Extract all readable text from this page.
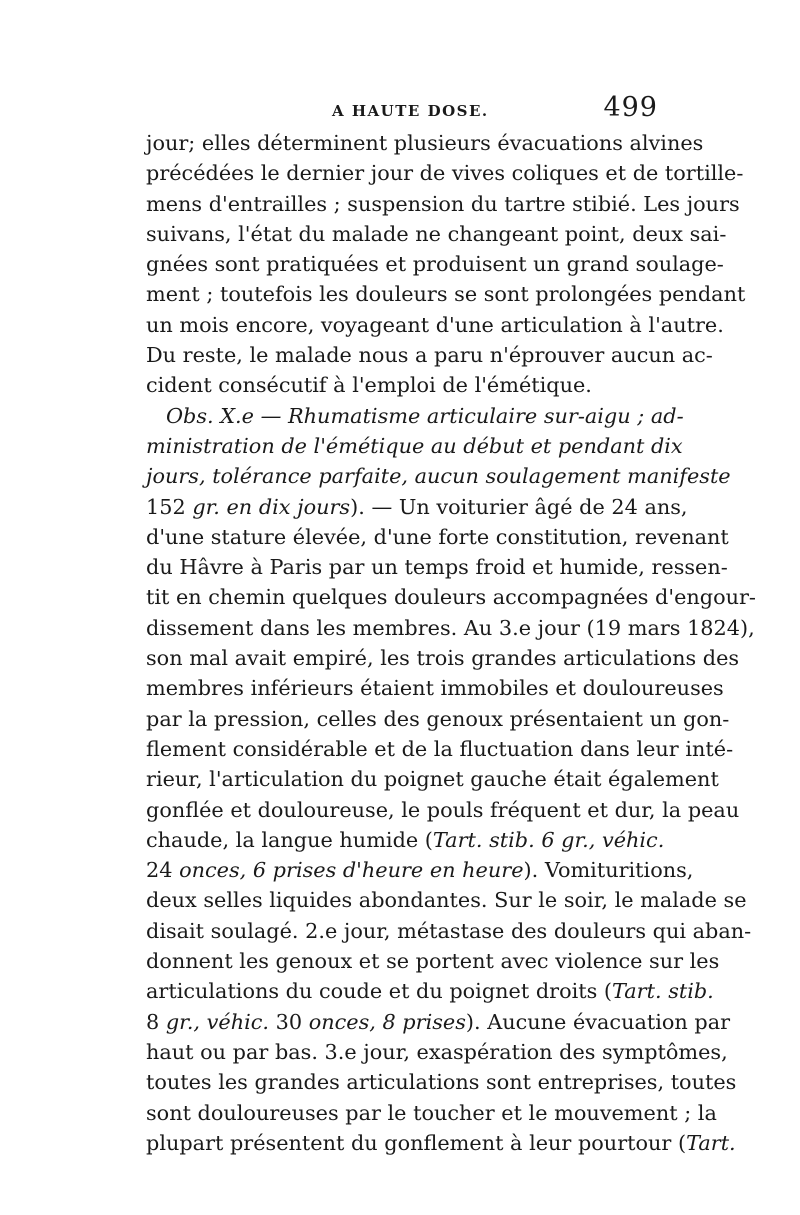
A HAUTE DOSE.	499
jour; elles déterminent plusieurs évacuations alvines
précédées le dernier jour de vives coliques et de tortille-
mens d'entrailles ; suspension du tartre stibié. Les jours
suivans, l'état du malade ne changeant point, deux sai-
gnées sont pratiquées et produisent un grand soulage-
ment ; toutefois les douleurs se sont prolongées pendant
un mois encore, voyageant d'une articulation à l'autre.
Du reste, le malade nous a paru n'éprouver aucun ac-
cident consécutif à l'emploi de l'émétique.
Obs. X.e — Rhumatisme articulaire sur-aigu ; ad-
ministration de l'émétique au début et pendant dix
jours, tolérance parfaite, aucun soulagement manifeste
152 gr. en dix jours). — Un voiturier âgé de 24 ans,
d'une stature élevée, d'une forte constitution, revenant
du Hâvre à Paris par un temps froid et humide, ressen-
tit en chemin quelques douleurs accompagnées d'engour-
dissement dans les membres. Au 3.e jour (19 mars 1824),
son mal avait empiré, les trois grandes articulations des
membres inférieurs étaient immobiles et douloureuses
par la pression, celles des genoux présentaient un gon-
flement considérable et de la fluctuation dans leur inté-
rieur, l'articulation du poignet gauche était également
gonflée et douloureuse, le pouls fréquent et dur, la peau
chaude, la langue humide (Tart. stib. 6 gr., véhic.
24 onces, 6 prises d'heure en heure). Vomituritions,
deux selles liquides abondantes. Sur le soir, le malade se
disait soulagé. 2.e jour, métastase des douleurs qui aban-
donnent les genoux et se portent avec violence sur les
articulations du coude et du poignet droits (Tart. stib.
8 gr., véhic. 30 onces, 8 prises). Aucune évacuation par
haut ou par bas. 3.e jour, exaspération des symptômes,
toutes les grandes articulations sont entreprises, toutes
sont douloureuses par le toucher et le mouvement ; la
plupart présentent du gonflement à leur pourtour (Tart.
